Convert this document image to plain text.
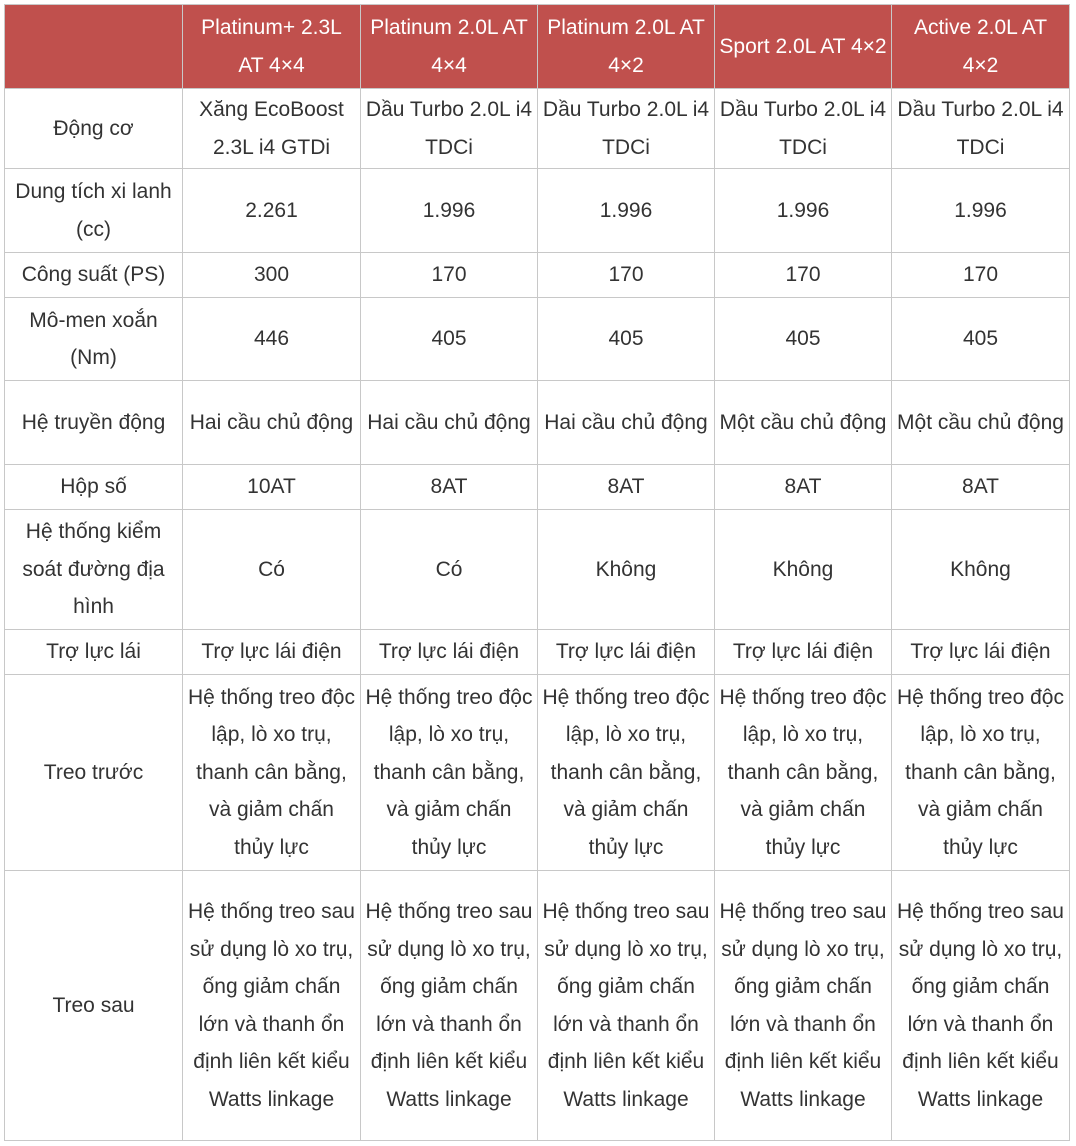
	Platinum+ 2.3L AT 4×4	Platinum 2.0L AT 4×4	Platinum 2.0L AT 4×2	Sport 2.0L AT 4×2	Active 2.0L AT 4×2
Động cơ	Xăng EcoBoost 2.3L i4 GTDi	Dầu Turbo 2.0L i4 TDCi	Dầu Turbo 2.0L i4 TDCi	Dầu Turbo 2.0L i4 TDCi	Dầu Turbo 2.0L i4 TDCi
Dung tích xi lanh (cc)	2.261	1.996	1.996	1.996	1.996
Công suất (PS)	300	170	170	170	170
Mô-men xoắn (Nm)	446	405	405	405	405
Hệ truyền động	Hai cầu chủ động	Hai cầu chủ động	Hai cầu chủ động	Một cầu chủ động	Một cầu chủ động
Hộp số	10AT	8AT	8AT	8AT	8AT
Hệ thống kiểm soát đường địa hình	Có	Có	Không	Không	Không
Trợ lực lái	Trợ lực lái điện	Trợ lực lái điện	Trợ lực lái điện	Trợ lực lái điện	Trợ lực lái điện
Treo trước	Hệ thống treo độc lập, lò xo trụ, thanh cân bằng, và giảm chấn thủy lực	Hệ thống treo độc lập, lò xo trụ, thanh cân bằng, và giảm chấn thủy lực	Hệ thống treo độc lập, lò xo trụ, thanh cân bằng, và giảm chấn thủy lực	Hệ thống treo độc lập, lò xo trụ, thanh cân bằng, và giảm chấn thủy lực	Hệ thống treo độc lập, lò xo trụ, thanh cân bằng, và giảm chấn thủy lực
Treo sau	Hệ thống treo sau sử dụng lò xo trụ, ống giảm chấn lớn và thanh ổn định liên kết kiểu Watts linkage	Hệ thống treo sau sử dụng lò xo trụ, ống giảm chấn lớn và thanh ổn định liên kết kiểu Watts linkage	Hệ thống treo sau sử dụng lò xo trụ, ống giảm chấn lớn và thanh ổn định liên kết kiểu Watts linkage	Hệ thống treo sau sử dụng lò xo trụ, ống giảm chấn lớn và thanh ổn định liên kết kiểu Watts linkage	Hệ thống treo sau sử dụng lò xo trụ, ống giảm chấn lớn và thanh ổn định liên kết kiểu Watts linkage
